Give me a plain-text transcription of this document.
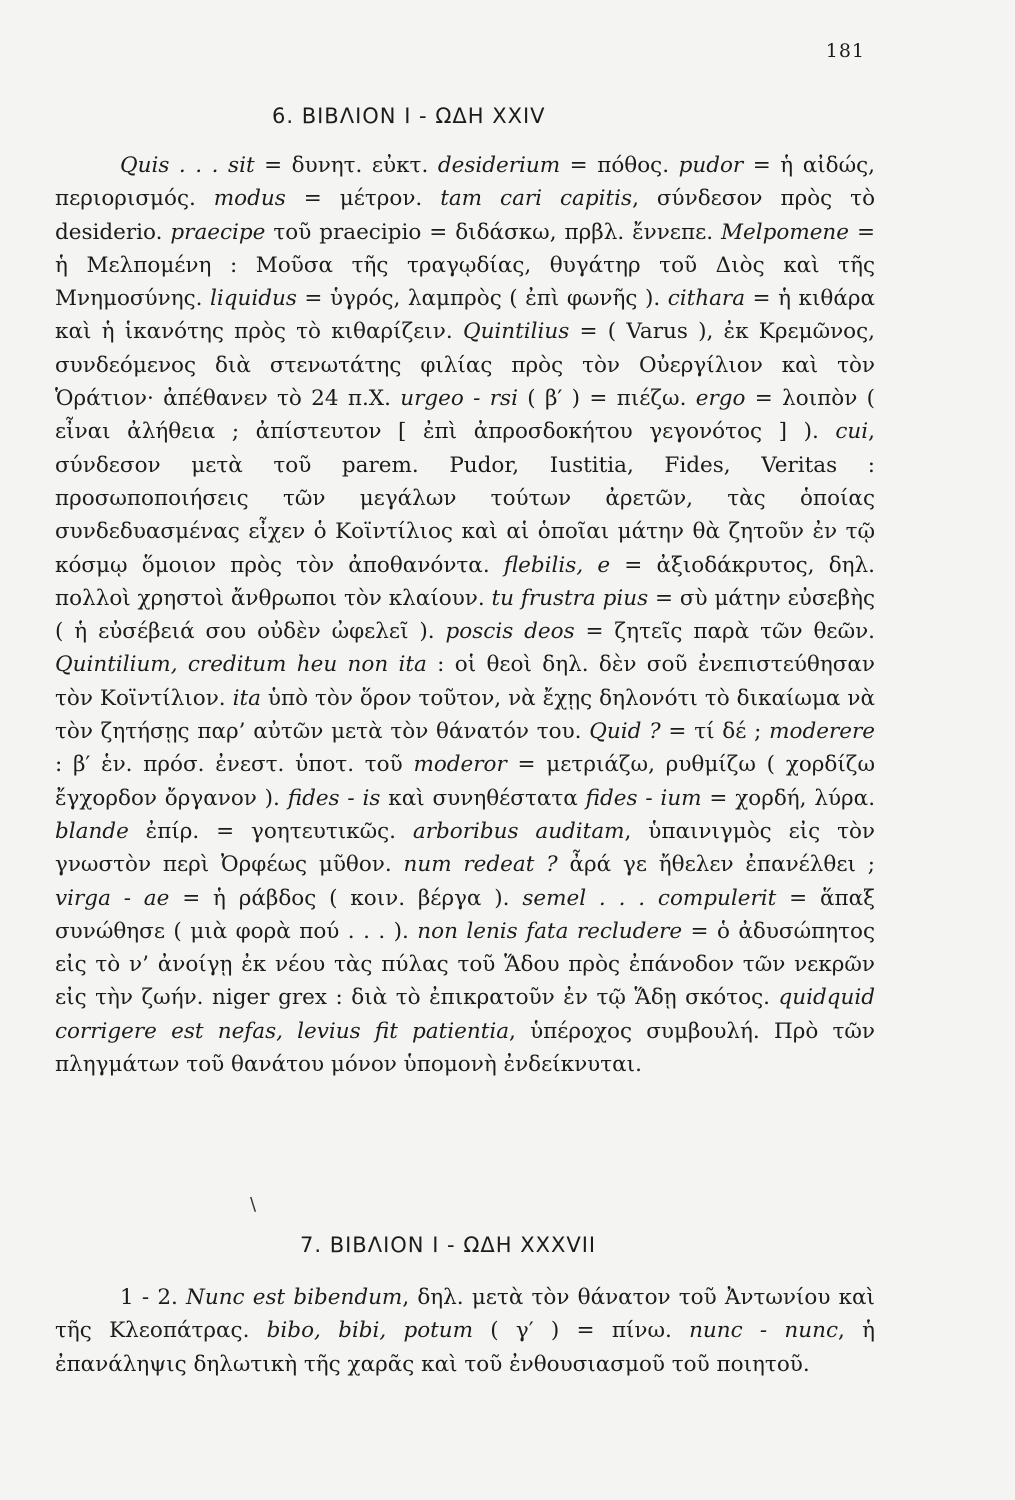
181
6. ΒΙΒΛΙΟΝ Ι - ΩΔΗ XXIV
Quis . . . sit = δυνητ. εὐκτ. desiderium = πόθος. pudor = ἡ αἰδώς, περιορισμός. modus = μέτρον. tam cari capitis, σύνδεσον πρὸς τὸ desiderio. praecipe τοῦ praecipio = διδάσκω, πρβλ. ἔννεπε. Melpomene = ἡ Μελπομένη : Μοῦσα τῆς τραγῳδίας, θυγάτηρ τοῦ Διὸς καὶ τῆς Μνημοσύνης. liquidus = ὑγρός, λαμπρὸς ( ἐπὶ φωνῆς ). cithara = ἡ κιθάρα καὶ ἡ ἱκανότης πρὸς τὸ κιθαρίζειν. Quintilius = ( Varus ), ἐκ Κρεμῶνος, συνδεόμενος διὰ στενωτάτης φιλίας πρὸς τὸν Οὐεργίλιον καὶ τὸν Ὁράτιον· ἀπέθανεν τὸ 24 π.Χ. urgeo - rsi ( β′ ) = πιέζω. ergo = λοιπὸν ( εἶναι ἀλήθεια ; ἀπίστευτον [ ἐπὶ ἀπροσδοκήτου γεγονότος ] ). cui, σύνδεσον μετὰ τοῦ parem. Pudor, Iustitia, Fides, Veritas : προσωποποιήσεις τῶν μεγάλων τούτων ἀρετῶν, τὰς ὁποίας συνδεδυασμένας εἶχεν ὁ Κοϊντίλιος καὶ αἱ ὁποῖαι μάτην θὰ ζητοῦν ἐν τῷ κόσμῳ ὅμοιον πρὸς τὸν ἀποθανόντα. flebilis, e = ἀξιοδάκρυτος, δηλ. πολλοὶ χρηστοὶ ἄνθρωποι τὸν κλαίουν. tu frustra pius = σὺ μάτην εὐσεβὴς ( ἡ εὐσέβειά σου οὐδὲν ὠφελεῖ ). poscis deos = ζητεῖς παρὰ τῶν θεῶν. Quintilium, creditum heu non ita : οἱ θεοὶ δηλ. δὲν σοῦ ἐνεπιστεύθησαν τὸν Κοϊντίλιον. ita ὑπὸ τὸν ὅρον τοῦτον, νὰ ἔχῃς δηλονότι τὸ δικαίωμα νὰ τὸν ζητήσῃς παρ’ αὐτῶν μετὰ τὸν θάνατόν του. Quid ? = τί δέ ; moderere : β′ ἑν. πρόσ. ἐνεστ. ὑποτ. τοῦ moderor = μετριάζω, ρυθμίζω ( χορδίζω ἔγχορδον ὄργανον ). fides - is καὶ συνηθέστατα fides - ium = χορδή, λύρα. blande ἐπίρ. = γοητευτικῶς. arboribus auditam, ὑπαινιγμὸς εἰς τὸν γνωστὸν περὶ Ὀρφέως μῦθον. num redeat ? ἆρά γε ἤθελεν ἐπανέλθει ; virga - ae = ἡ ράβδος ( κοιν. βέργα ). semel . . . compulerit = ἅπαξ συνώθησε ( μιὰ φορὰ πού . . . ). non lenis fata recludere = ὁ ἀδυσώπητος εἰς τὸ ν’ ἀνοίγῃ ἐκ νέου τὰς πύλας τοῦ Ἅδου πρὸς ἐπάνοδον τῶν νεκρῶν εἰς τὴν ζωήν. niger grex : διὰ τὸ ἐπικρατοῦν ἐν τῷ Ἅδῃ σκότος. quidquid corrigere est nefas, levius fit patientia, ὑπέροχος συμβουλή. Πρὸ τῶν πληγμάτων τοῦ θανάτου μόνον ὑπομονὴ ἐνδείκνυται.
\
7. ΒΙΒΛΙΟΝ Ι - ΩΔΗ XXXVII
1 - 2. Nunc est bibendum, δηλ. μετὰ τὸν θάνατον τοῦ Ἀντωνίου καὶ τῆς Κλεοπάτρας. bibo, bibi, potum ( γ′ ) = πίνω. nunc - nunc, ἡ ἐπανάληψις δηλωτικὴ τῆς χαρᾶς καὶ τοῦ ἐνθουσιασμοῦ τοῦ ποιητοῦ.
